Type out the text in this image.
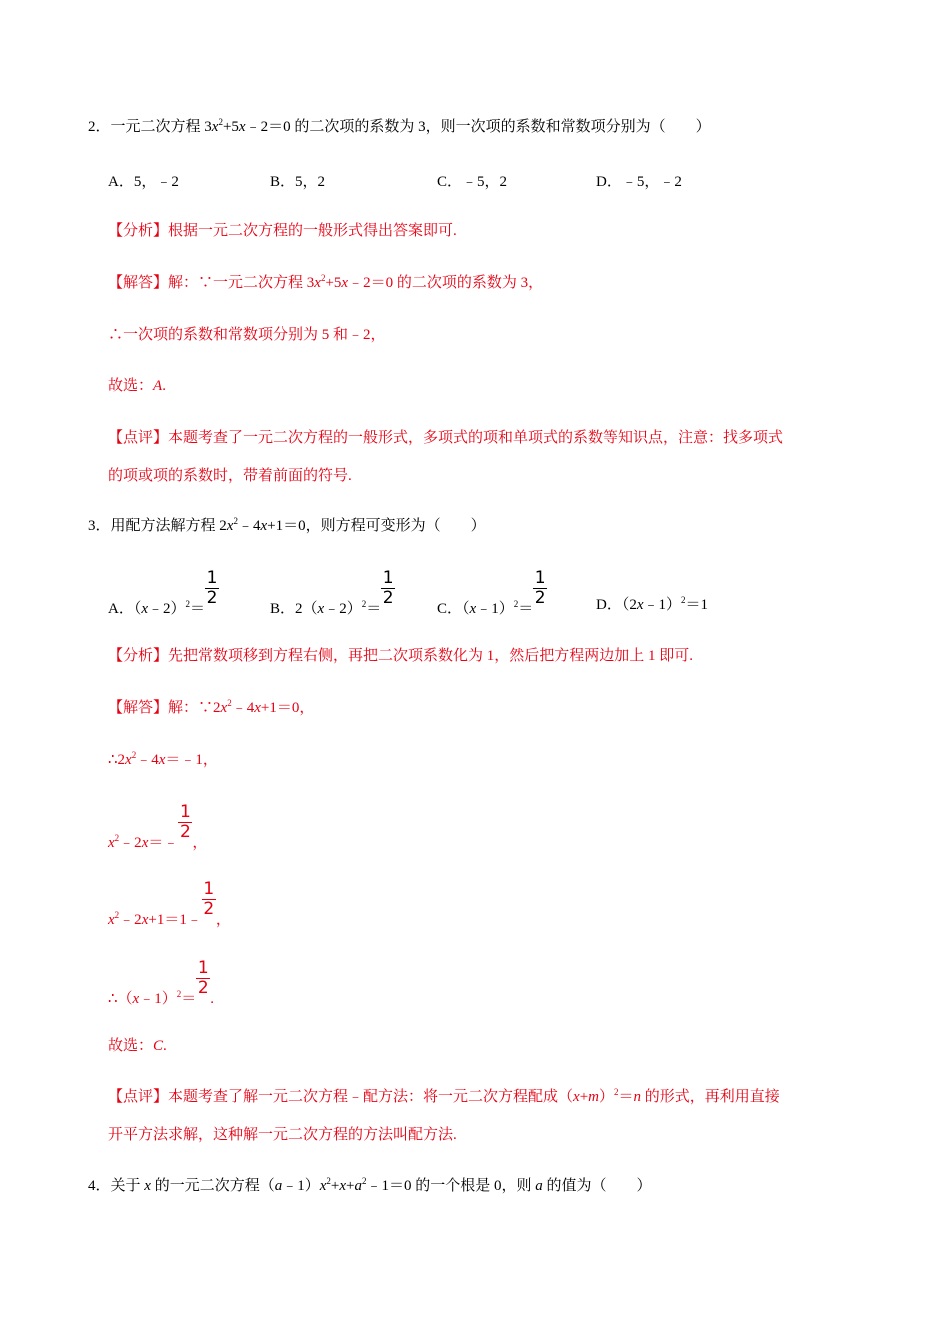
2．一元二次方程 $3x^2+5x﹣2=0$ 的二次项的系数为 3，则一次项的系数和常数项分别为（　　）
A．5，﹣2	B．5，2	C．﹣5，2	D．﹣5，﹣2
【分析】根据一元二次方程的一般形式得出答案即可.
【解答】解：∵一元二次方程 $3x^2+5x﹣2=0$ 的二次项的系数为 3，
∴一次项的系数和常数项分别为 5 和﹣2，
故选：A.
【点评】本题考查了一元二次方程的一般形式，多项式的项和单项式的系数等知识点，注意：找多项式
的项或项的系数时，带着前面的符号.
3．用配方法解方程 $2x^2﹣4x+1=0$，则方程可变形为（　　）
A．（x﹣2）$^2$＝ $\frac{1}{2}$	B．2（x﹣2）$^2$＝ $\frac{1}{2}$	C．（x﹣1）$^2$＝ $\frac{1}{2}$	D．（2x﹣1）$^2$＝1
【分析】先把常数项移到方程右侧，再把二次项系数化为 1，然后把方程两边加上 1 即可.
【解答】解：$\because 2x^2﹣4x+1=0$，
$\therefore 2x^2﹣4x=﹣1$，
$x^2﹣2x=﹣ \frac{1}{2}$ ，
$x^2﹣2x+1=1﹣ \frac{1}{2}$ ，
∴（x﹣1）$^2$＝ $\frac{1}{2}$ .
故选：C.
【点评】本题考查了解一元二次方程﹣配方法：将一元二次方程配成$(x+m)^2=n$ 的形式，再利用直接
开平方法求解，这种解一元二次方程的方法叫配方法.
4．关于 x 的一元二次方程$(a﹣1)x^2+x+a^2﹣1=0$ 的一个根是 0，则 a 的值为（　　）
